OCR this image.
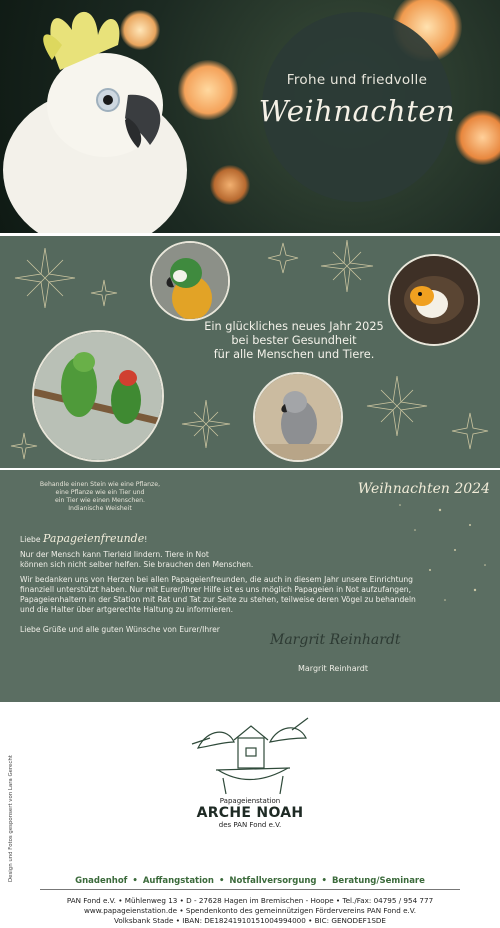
Frohe und friedvolle
Weihnachten
Ein glückliches neues Jahr 2025
bei bester Gesundheit
für alle Menschen und Tiere.
Behandle einen Stein wie eine Pflanze,
eine Pflanze wie ein Tier und
ein Tier wie einen Menschen.
Indianische Weisheit
Weihnachten 2024
Liebe Papageienfreunde!
Nur der Mensch kann Tierleid lindern. Tiere in Not
können sich nicht selber helfen. Sie brauchen den Menschen.
Wir bedanken uns von Herzen bei allen Papageienfreunden, die auch in diesem Jahr unsere Einrichtung
finanziell unterstützt haben. Nur mit Eurer/Ihrer Hilfe ist es uns möglich Papageien in Not aufzufangen,
Papageienhaltern in der Station mit Rat und Tat zur Seite zu stehen, teilweise deren Vögel zu behandeln
und die Halter über artgerechte Haltung zu informieren.
Liebe Grüße und alle guten Wünsche von Eurer/Ihrer
Margrit Reinhardt
Margrit Reinhardt
Design und Fotos gesponsert von Lara Gerecht	Papageienstation
ARCHE NOAH
des PAN Fond e.V.
Gnadenhof • Auffangstation • Notfallversorgung • Beratung/Seminare
PAN Fond e.V. • Mühlenweg 13 • D - 27628 Hagen im Bremischen - Hoope • Tel./Fax: 04795 / 954 777
www.papageienstation.de • Spendenkonto des gemeinnützigen Fördervereins PAN Fond e.V.
Volksbank Stade • IBAN: DE18241910151004994000 • BIC: GENODEF1SDE
